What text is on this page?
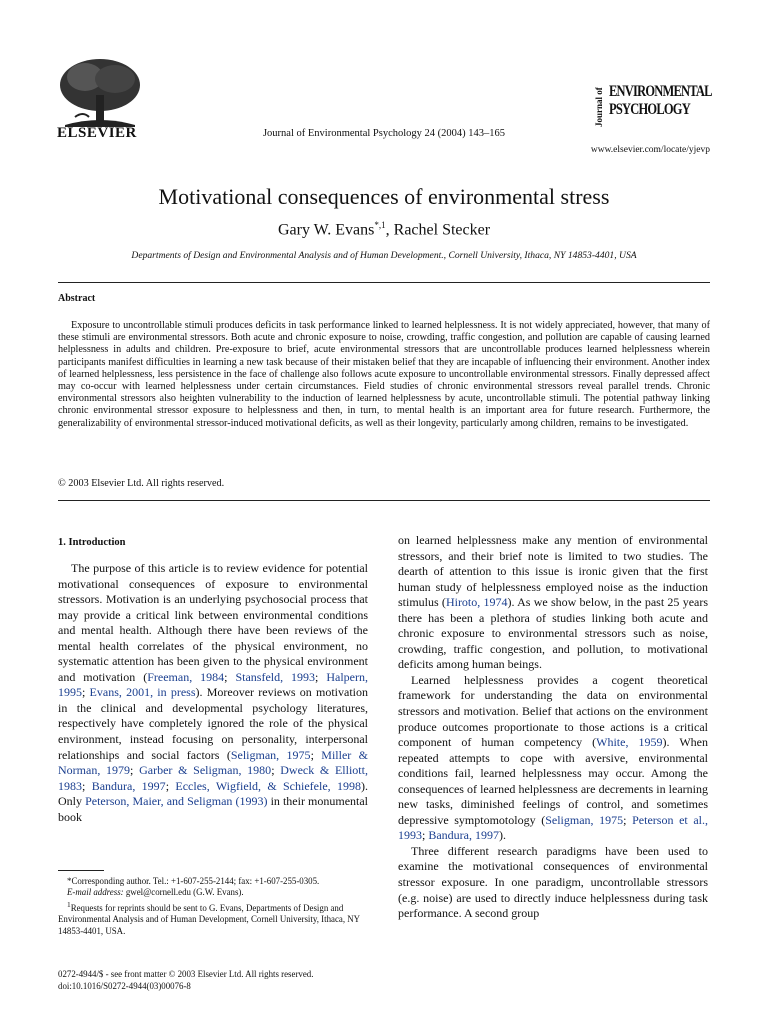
ELSEVIER	Journal of Environmental Psychology 24 (2004) 143–165
Journal of ENVIRONMENTAL
PSYCHOLOGY
www.elsevier.com/locate/yjevp
Motivational consequences of environmental stress
Gary W. Evans$^{*,1}$, Rachel Stecker
Departments of Design and Environmental Analysis and of Human Development., Cornell University, Ithaca, NY 14853-4401, USA
Abstract

Exposure to uncontrollable stimuli produces deficits in task performance linked to learned helplessness. It is not widely appreciated, however, that many of these stimuli are environmental stressors. Both acute and chronic exposure to noise, crowding, traffic congestion, and pollution are capable of causing learned helplessness in adults and children. Pre-exposure to brief, acute environmental stressors that are uncontrollable produces learned helplessness wherein participants manifest difficulties in learning a new task because of their mistaken belief that they are incapable of influencing their environment. Another index of learned helplessness, less persistence in the face of challenge also follows acute exposure to uncontrollable environmental stressors. Finally depressed affect may co-occur with learned helplessness under certain circumstances. Field studies of chronic environmental stressors reveal parallel trends. Chronic environmental stressors also heighten vulnerability to the induction of learned helplessness by acute, uncontrollable stimuli. The potential pathway linking chronic environmental stressor exposure to helplessness and then, in turn, to mental health is an important area for future research. Furthermore, the generalizability of environmental stressor-induced motivational deficits, as well as their longevity, particularly among children, remains to be investigated.

© 2003 Elsevier Ltd. All rights reserved.
1. Introduction

The purpose of this article is to review evidence for potential motivational consequences of exposure to environmental stressors. Motivation is an underlying psychosocial process that may provide a critical link between environmental conditions and mental health. Although there have been reviews of the mental health correlates of the physical environment, no systematic attention has been given to the physical environment and motivation (Freeman, 1984; Stansfeld, 1993; Halpern, 1995; Evans, 2001, in press). Moreover reviews on motivation in the clinical and developmental psychology literatures, respectively have completely ignored the role of the physical environment, instead focusing on personality, interpersonal relationships and social factors (Seligman, 1975; Miller & Norman, 1979; Garber & Seligman, 1980; Dweck & Elliott, 1983; Bandura, 1997; Eccles, Wigfield, & Schiefele, 1998). Only Peterson, Maier, and Seligman (1993) in their monumental book

*Corresponding author. Tel.: +1-607-255-2144; fax: +1-607-255-0305.

E-mail address: gwel@cornell.edu (G.W. Evans).

$^1$Requests for reprints should be sent to G. Evans, Departments of Design and Environmental Analysis and of Human Development, Cornell University, Ithaca, NY 14853-4401, USA.

0272-4944/$ - see front matter © 2003 Elsevier Ltd. All rights reserved.
doi:10.1016/S0272-4944(03)00076-8

on learned helplessness make any mention of environmental stressors, and their brief note is limited to two studies. The dearth of attention to this issue is ironic given that the first human study of helplessness employed noise as the induction stimulus (Hiroto, 1974). As we show below, in the past 25 years there has been a plethora of studies linking both acute and chronic exposure to environmental stressors such as noise, crowding, traffic congestion, and pollution, to motivational deficits among human beings.

Learned helplessness provides a cogent theoretical framework for understanding the data on environmental stressors and motivation. Belief that actions on the environment produce outcomes proportionate to those actions is a critical component of human competency (White, 1959). When repeated attempts to cope with aversive, environmental conditions fail, learned helplessness may occur. Among the consequences of learned helplessness are decrements in learning new tasks, diminished feelings of control, and sometimes depressive symptomotology (Seligman, 1975; Peterson et al., 1993; Bandura, 1997).

Three different research paradigms have been used to examine the motivational consequences of environmental stressor exposure. In one paradigm, uncontrollable stressors (e.g. noise) are used to directly induce helplessness during task performance. A second group
